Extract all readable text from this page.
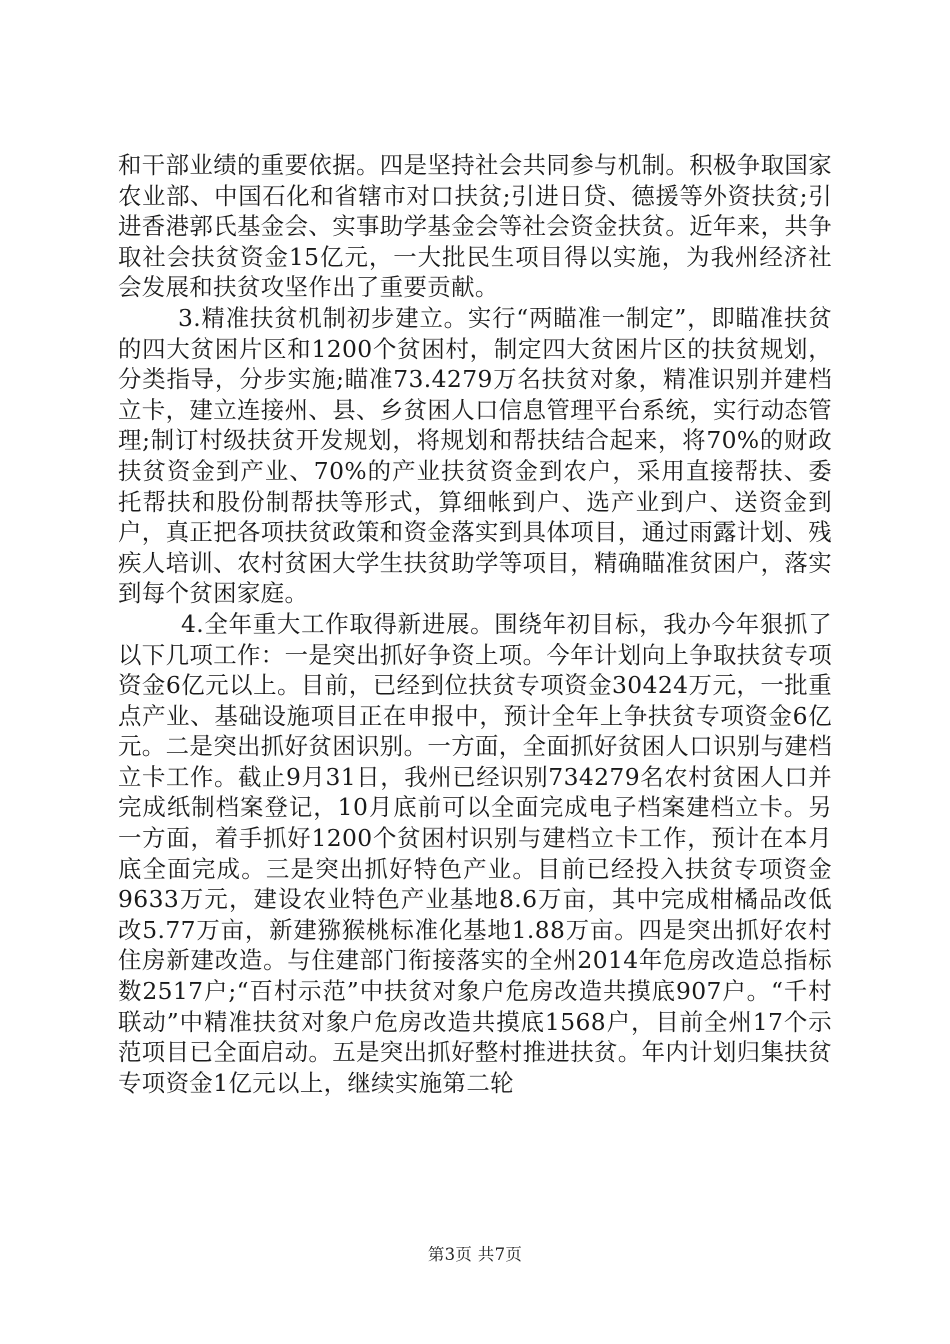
和干部业绩的重要依据。四是坚持社会共同参与机制。积极争取国家农业部、中国石化和省辖市对口扶贫;引进日贷、德援等外资扶贫;引进香港郭氏基金会、实事助学基金会等社会资金扶贫。近年来，共争取社会扶贫资金15亿元，一大批民生项目得以实施，为我州经济社会发展和扶贫攻坚作出了重要贡献。

3.精准扶贫机制初步建立。实行“两瞄准一制定”，即瞄准扶贫的四大贫困片区和1200个贫困村，制定四大贫困片区的扶贫规划，分类指导，分步实施;瞄准73.4279万名扶贫对象，精准识别并建档立卡，建立连接州、县、乡贫困人口信息管理平台系统，实行动态管理;制订村级扶贫开发规划，将规划和帮扶结合起来，将70%的财政扶贫资金到产业、70%的产业扶贫资金到农户，采用直接帮扶、委托帮扶和股份制帮扶等形式，算细帐到户、选产业到户、送资金到户，真正把各项扶贫政策和资金落实到具体项目，通过雨露计划、残疾人培训、农村贫困大学生扶贫助学等项目，精确瞄准贫困户，落实到每个贫困家庭。

4.全年重大工作取得新进展。围绕年初目标，我办今年狠抓了以下几项工作：一是突出抓好争资上项。今年计划向上争取扶贫专项资金6亿元以上。目前，已经到位扶贫专项资金30424万元，一批重点产业、基础设施项目正在申报中，预计全年上争扶贫专项资金6亿元。二是突出抓好贫困识别。一方面，全面抓好贫困人口识别与建档立卡工作。截止9月31日，我州已经识别734279名农村贫困人口并完成纸制档案登记，10月底前可以全面完成电子档案建档立卡。另一方面，着手抓好1200个贫困村识别与建档立卡工作，预计在本月底全面完成。三是突出抓好特色产业。目前已经投入扶贫专项资金9633万元，建设农业特色产业基地8.6万亩，其中完成柑橘品改低改5.77万亩，新建猕猴桃标准化基地1.88万亩。四是突出抓好农村住房新建改造。与住建部门衔接落实的全州2014年危房改造总指标数2517户;“百村示范”中扶贫对象户危房改造共摸底907户。“千村联动”中精准扶贫对象户危房改造共摸底1568户，目前全州17个示范项目已全面启动。五是突出抓好整村推进扶贫。年内计划归集扶贫专项资金1亿元以上，继续实施第二轮

第3页 共7页
